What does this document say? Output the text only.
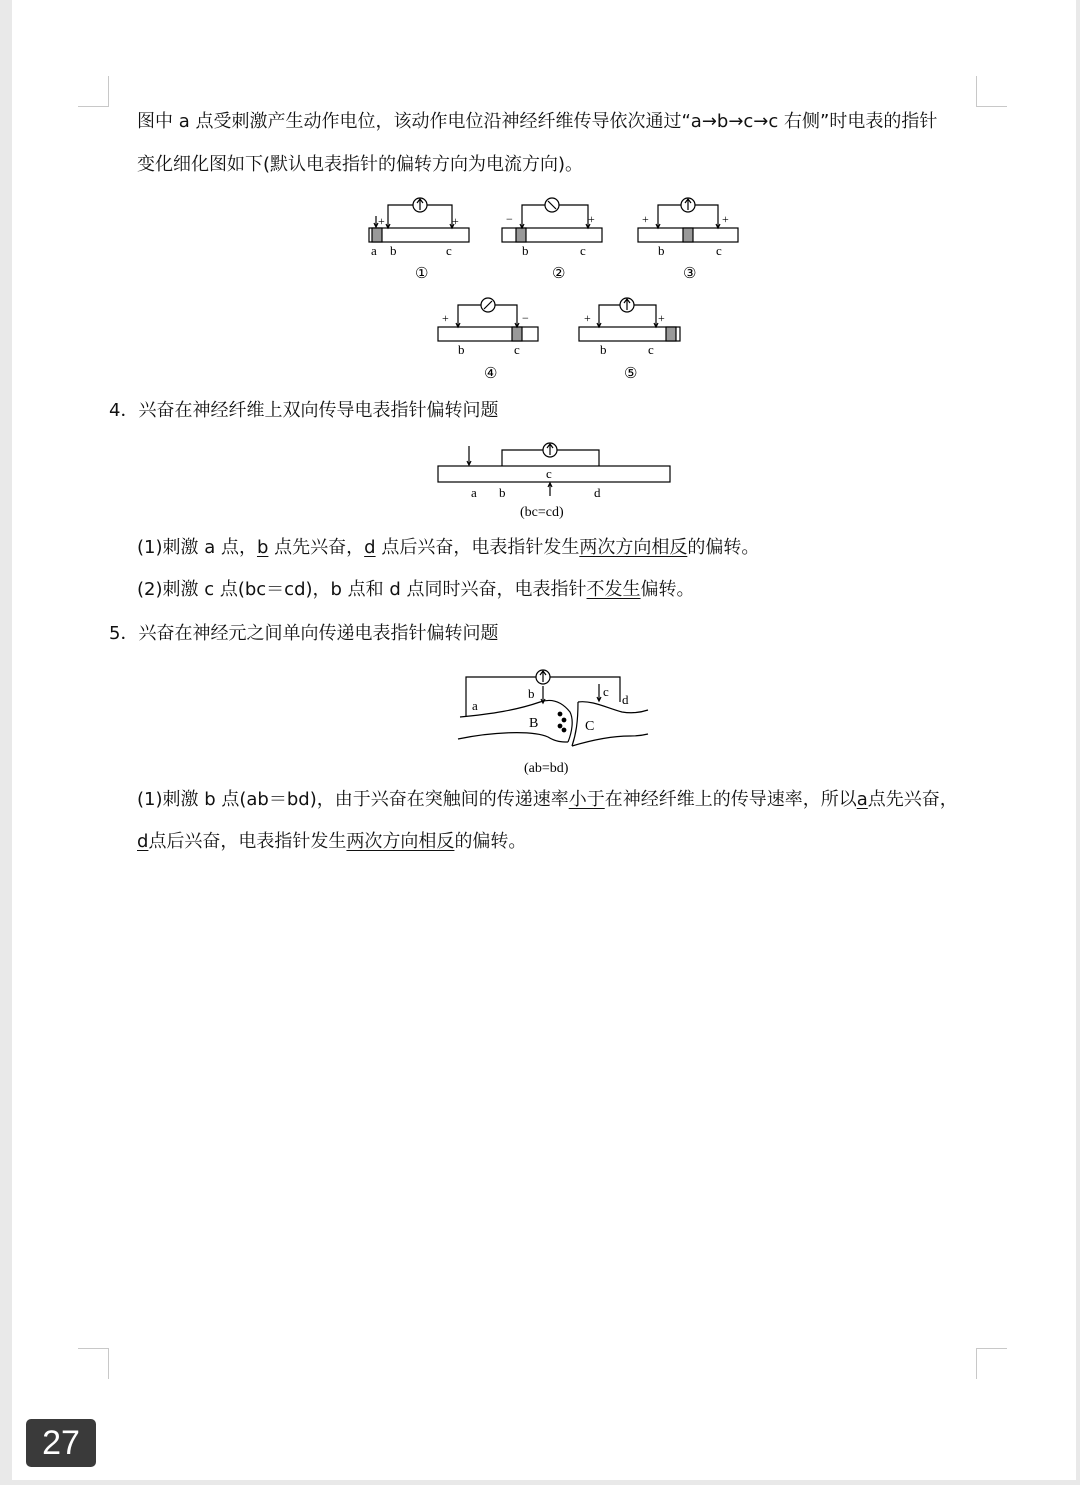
图中 a 点受刺激产生动作电位，该动作电位沿神经纤维传导依次通过“a→b→c→c 右侧”时电表的指针
变化细化图如下(默认电表指针的偏转方向为电流方向)。
+	+
a b	c
①
−	+
b	c
②
+	+
b	c
③
+	−
b	c
④
+	+
b	c
⑤
4．兴奋在神经纤维上双向传导电表指针偏转问题
c
a b	d
(bc=cd)
(1)刺激 a 点，b 点先兴奋，d 点后兴奋，电表指针发生两次方向相反的偏转。
(2)刺激 c 点(bc＝cd)，b 点和 d 点同时兴奋，电表指针不发生偏转。
5．兴奋在神经元之间单向传递电表指针偏转问题
a
b	c
d
B	C
(ab=bd)
(1)刺激 b 点(ab＝bd)，由于兴奋在突触间的传递速率小于在神经纤维上的传导速率，所以a点先兴奋，
d点后兴奋，电表指针发生两次方向相反的偏转。
27
